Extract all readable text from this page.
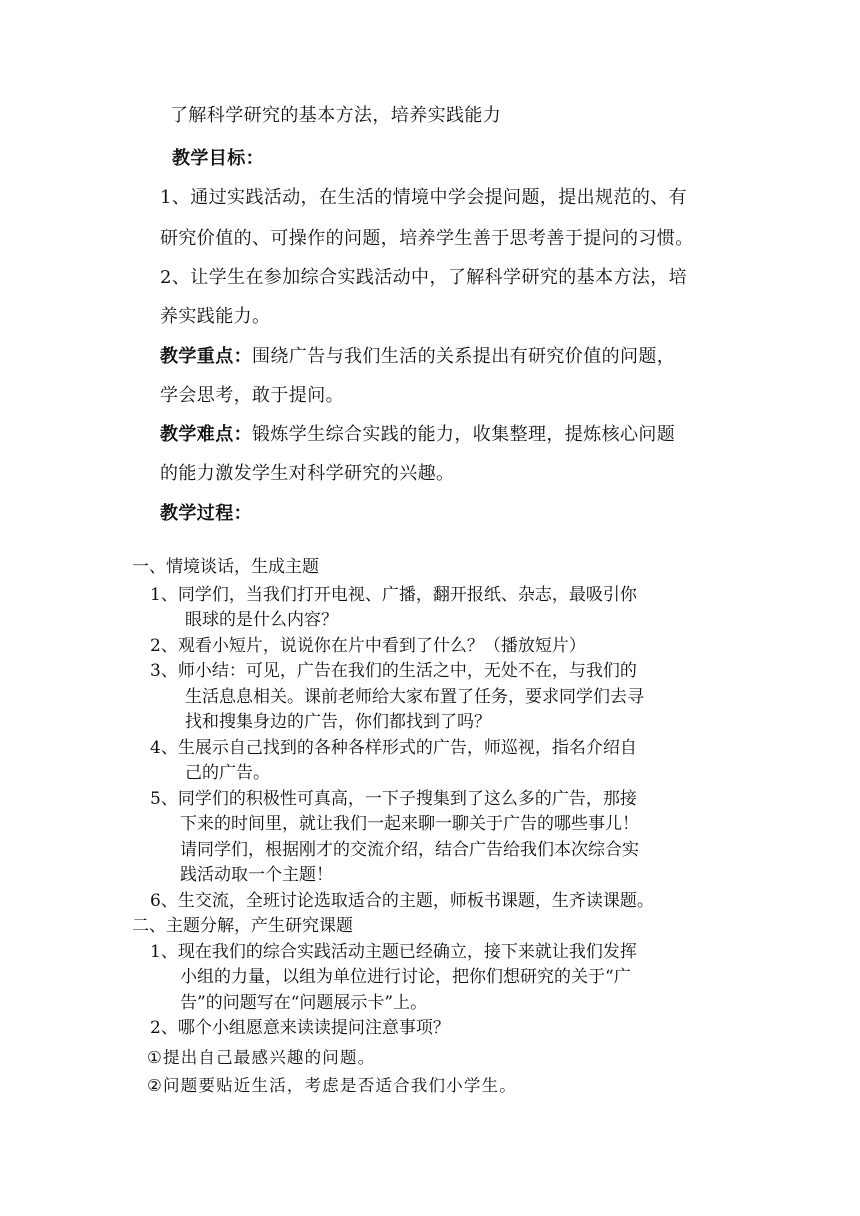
了解科学研究的基本方法，培养实践能力

教学目标：

1、通过实践活动，在生活的情境中学会提问题，提出规范的、有

研究价值的、可操作的问题，培养学生善于思考善于提问的习惯。

2、让学生在参加综合实践活动中，了解科学研究的基本方法，培

养实践能力。

教学重点：围绕广告与我们生活的关系提出有研究价值的问题，

学会思考，敢于提问。

教学难点：锻炼学生综合实践的能力，收集整理，提炼核心问题

的能力激发学生对科学研究的兴趣。

教学过程：

一、情境谈话，生成主题

1、同学们，当我们打开电视、广播，翻开报纸、杂志，最吸引你

眼球的是什么内容？

2、观看小短片，说说你在片中看到了什么？（播放短片）

3、师小结：可见，广告在我们的生活之中，无处不在，与我们的

生活息息相关。课前老师给大家布置了任务，要求同学们去寻

找和搜集身边的广告，你们都找到了吗？

4、生展示自己找到的各种各样形式的广告，师巡视，指名介绍自

己的广告。

5、同学们的积极性可真高，一下子搜集到了这么多的广告，那接

下来的时间里，就让我们一起来聊一聊关于广告的哪些事儿！

请同学们，根据刚才的交流介绍，结合广告给我们本次综合实

践活动取一个主题！

6、生交流，全班讨论选取适合的主题，师板书课题，生齐读课题。

二、主题分解，产生研究课题

1、现在我们的综合实践活动主题已经确立，接下来就让我们发挥

小组的力量，以组为单位进行讨论，把你们想研究的关于“广

告”的问题写在“问题展示卡”上。

2、哪个小组愿意来读读提问注意事项？

①提出自己最感兴趣的问题。

②问题要贴近生活，考虑是否适合我们小学生。
